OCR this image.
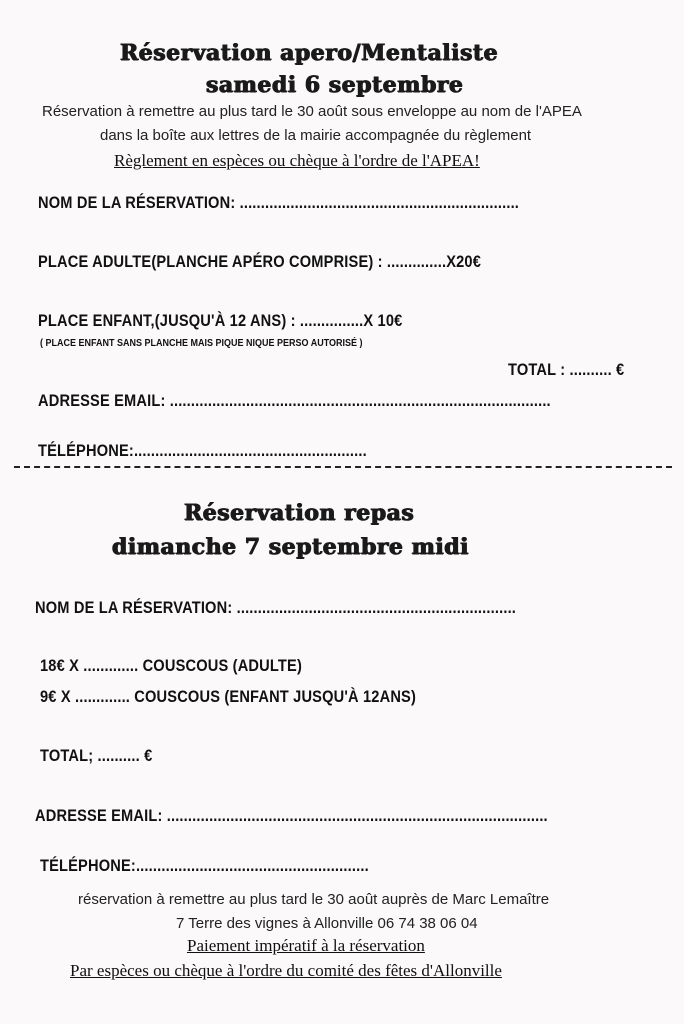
Réservation apero/Mentaliste
samedi 6 septembre
Réservation à remettre au plus tard le 30 août sous enveloppe au nom de l'APEA
dans la boîte aux lettres de la mairie accompagnée du règlement
Règlement en espèces ou chèque à l'ordre de l'APEA!
NOM DE LA RÉSERVATION: ..................................................................
PLACE ADULTE(PLANCHE APÉRO COMPRISE) : ..............X20€
PLACE ENFANT,(JUSQU'À 12 ANS) : ...............X 10€
( PLACE ENFANT SANS PLANCHE MAIS PIQUE NIQUE PERSO AUTORISÉ )
TOTAL : .......... €
ADRESSE EMAIL: ..........................................................................................
TÉLÉPHONE:.......................................................
Réservation repas
dimanche 7 septembre midi
NOM DE LA RÉSERVATION: ..................................................................
18€ X ............. COUSCOUS (ADULTE)
9€ X ............. COUSCOUS (ENFANT JUSQU'À 12ANS)
TOTAL; .......... €
ADRESSE EMAIL: ..........................................................................................
TÉLÉPHONE:.......................................................
réservation à remettre au plus tard le 30 août auprès de Marc Lemaître
7 Terre des vignes à Allonville 06 74 38 06 04
Paiement impératif à la réservation
Par espèces ou chèque à l'ordre du comité des fêtes d'Allonville
